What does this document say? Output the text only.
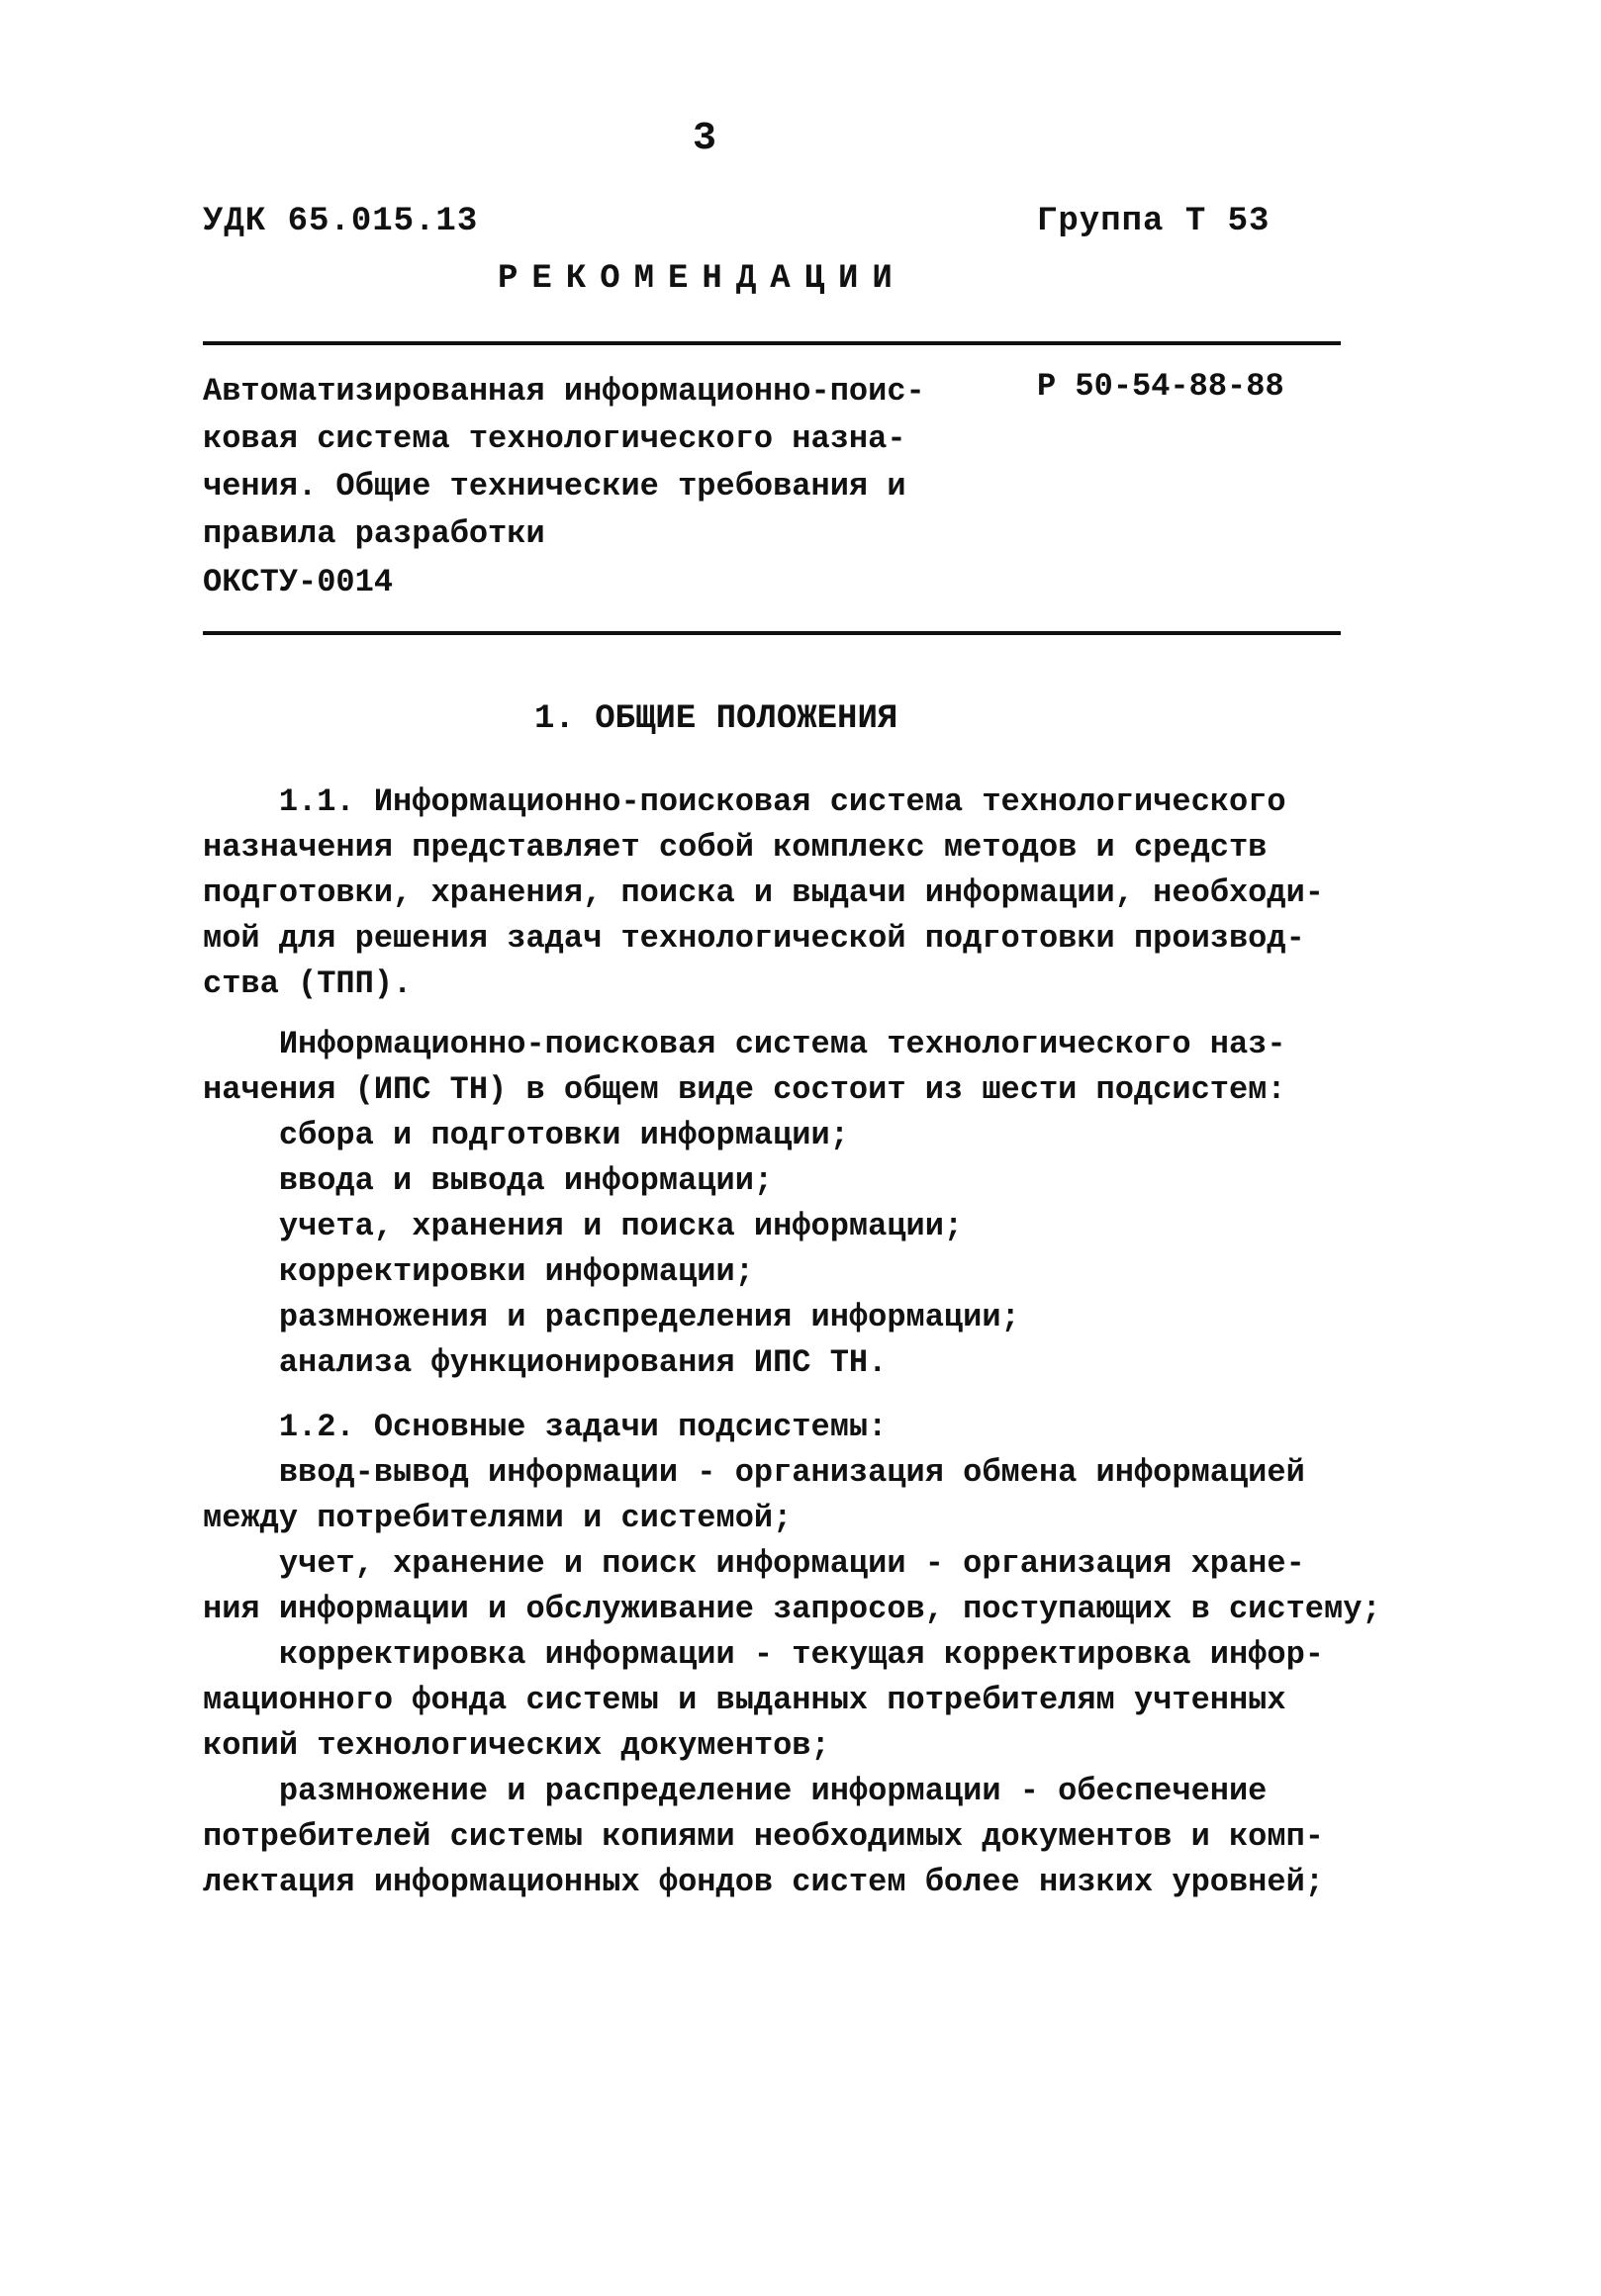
3
УДК 65.015.13	Группа Т 53
РЕКОМЕНДАЦИИ
Автоматизированная информационно-поис-
ковая система технологического назна-
чения. Общие технические требования и
правила разработки
Р 50-54-88-88
ОКСТУ-0014
1. ОБЩИЕ ПОЛОЖЕНИЯ
1.1. Информационно-поисковая система технологического
назначения представляет собой комплекс методов и средств
подготовки, хранения, поиска и выдачи информации, необходи-
мой для решения задач технологической подготовки производ-
ства (ТПП).
Информационно-поисковая система технологического наз-
начения (ИПС ТН) в общем виде состоит из шести подсистем:
сбора и подготовки информации;
ввода и вывода информации;
учета, хранения и поиска информации;
корректировки информации;
размножения и распределения информации;
анализа функционирования ИПС ТН.
1.2. Основные задачи подсистемы:
ввод-вывод информации - организация обмена информацией
между потребителями и системой;
учет, хранение и поиск информации - организация хране-
ния информации и обслуживание запросов, поступающих в систему;
корректировка информации - текущая корректировка инфор-
мационного фонда системы и выданных потребителям учтенных
копий технологических документов;
размножение и распределение информации - обеспечение
потребителей системы копиями необходимых документов и комп-
лектация информационных фондов систем более низких уровней;
